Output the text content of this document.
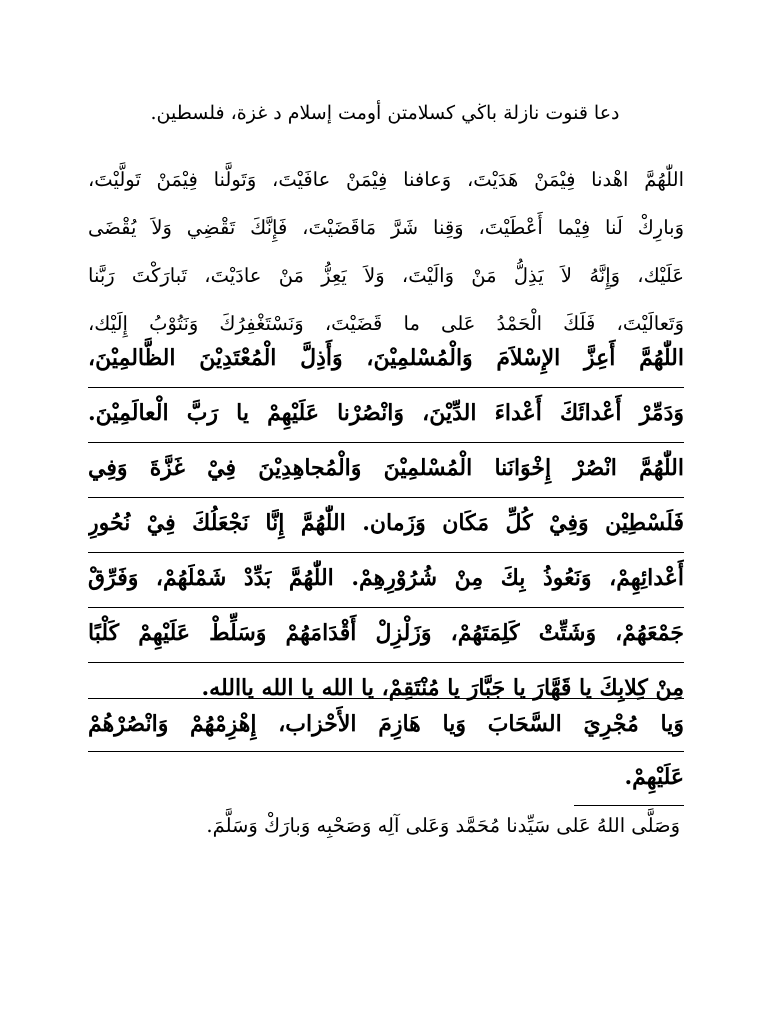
دعا قنوت نازلة باڬي كسلامتن أومت إسلام د غزة، فلسطين.
اللّٰهُمَّ اهْدنا فِيْمَنْ هَدَيْتَ، وَعافنا فِيْمَنْ عافَيْتَ، وَتَولَّنا فِيْمَنْ تَولَّيْتَ،
وَبارِكْ لَنا فِيْما أَعْطَيْتَ، وَقِنا شَرَّ مَاقَضَيْتَ، فَإِنَّكَ تَقْضِي وَلاَ يُقْضَى
عَلَيْك، وَإِنَّهُ لاَ يَذِلُّ مَنْ وَالَيْتَ، وَلاَ يَعِزُّ مَنْ عادَيْتَ، تَبارَكْتَ رَبَّنا
وَتَعالَيْتَ، فَلَكَ الْحَمْدُ عَلى ما قَضَيْتَ، وَنَسْتَغْفِرُكَ وَنَتُوْبُ إِلَيْك،
اللّٰهُمَّ أَعِزَّ الإِسْلاَمَ وَالْمُسْلمِيْنَ، وَأَذِلَّ الْمُعْتَدِيْنَ الظَّالمِيْنَ،
وَدَمِّرْ أَعْدائَكَ أَعْداءَ الدِّيْنَ، وَانْصُرْنا عَلَيْهِمْ يا رَبَّ الْعالَمِيْنَ.
اللّٰهُمَّ انْصُرْ إِخْوَانَنا الْمُسْلمِيْنَ وَالْمُجاهِدِيْنَ فِيْ غَزَّةَ وَفِي
فَلَسْطِيْن وَفِيْ كُلِّ مَكَان وَزَمان. اللّٰهُمَّ إِنَّا نَجْعَلُكَ فِيْ نُحُورِ
أَعْدائِهِمْ، وَنَعُوذُ بِكَ مِنْ شُرُوْرِهِمْ. اللّٰهُمَّ بَدِّدْ شَمْلَهُمْ، وَفَرِّقْ
جَمْعَهُمْ، وَشَتِّتْ كَلِمَتَهُمْ، وَزَلْزِلْ أَقْدَامَهُمْ وَسَلِّطْ عَلَيْهِمْ كَلْبًا
مِنْ كِلابِكَ يا قَهَّارَ يا جَبَّارَ يا مُنْتَقِمْ، يا الله يا الله ياالله.
وَيا مُجْرِيَ السَّحَابَ وَيا هَازِمَ الأَحْزاب، إِهْزِمْهُمْ وَانْصُرْهُمْ
عَلَيْهِمْ.
وَصَلَّى اللهُ عَلى سَيِّدنا مُحَمَّد وَعَلى آلِه وَصَحْبِه وَبارَكْ وَسَلَّمَ.
